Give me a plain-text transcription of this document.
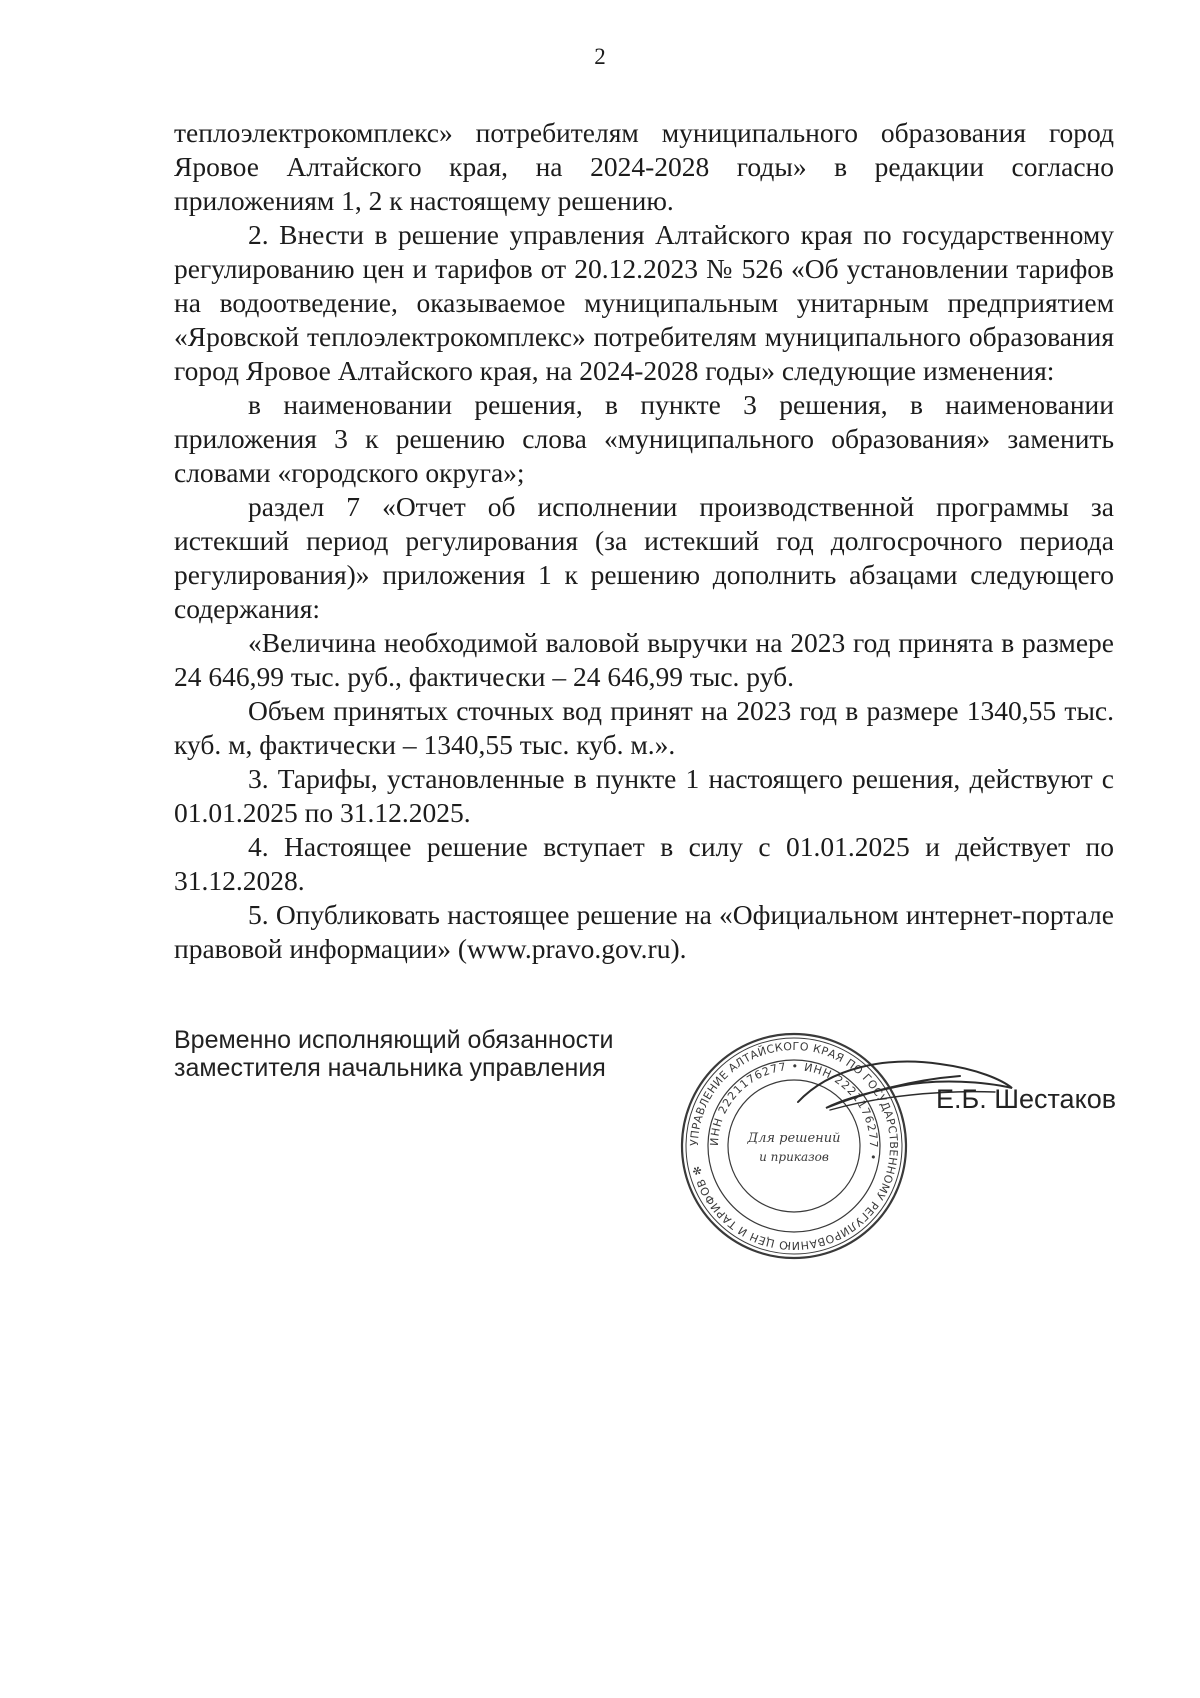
2

теплоэлектрокомплекс» потребителям муниципального образования город Яровое Алтайского края, на 2024-2028 годы» в редакции согласно приложениям 1, 2 к настоящему решению.

2. Внести в решение управления Алтайского края по государственному регулированию цен и тарифов от 20.12.2023 № 526 «Об установлении тарифов на водоотведение, оказываемое муниципальным унитарным предприятием «Яровской теплоэлектрокомплекс» потребителям муниципального образования город Яровое Алтайского края, на 2024-2028 годы» следующие изменения:

в наименовании решения, в пункте 3 решения, в наименовании приложения 3 к решению слова «муниципального образования» заменить словами «городского округа»;

раздел 7 «Отчет об исполнении производственной программы за истекший период регулирования (за истекший год долгосрочного периода регулирования)» приложения 1 к решению дополнить абзацами следующего содержания:

«Величина необходимой валовой выручки на 2023 год принята в размере 24 646,99 тыс. руб., фактически – 24 646,99 тыс. руб.

Объем принятых сточных вод принят на 2023 год в размере 1340,55 тыс. куб. м, фактически – 1340,55 тыс. куб. м.».

3. Тарифы, установленные в пункте 1 настоящего решения, действуют с 01.01.2025 по 31.12.2025.

4. Настоящее решение вступает в силу с 01.01.2025 и действует по 31.12.2028.

5. Опубликовать настоящее решение на «Официальном интернет-портале правовой информации» (www.pravo.gov.ru).

Временно исполняющий обязанности
заместителя начальника управления
УПРАВЛЕНИЕ АЛТАЙСКОГО КРАЯ ПО ГОСУДАРСТВЕННОМУ РЕГУЛИРОВАНИЮ ЦЕН И ТАРИФОВ ✻
ИНН 2221176277 • ИНН 2221176277 •
Для решений
и приказов
Е.Б. Шестаков
